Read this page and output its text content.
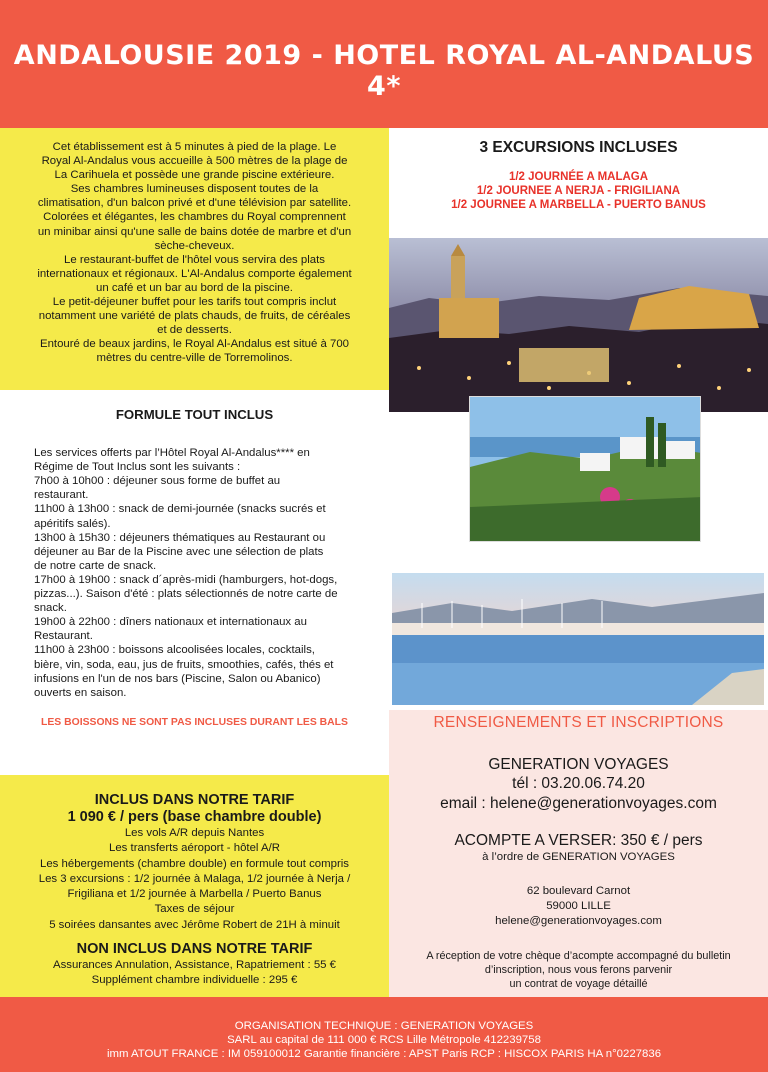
ANDALOUSIE 2019 - HOTEL ROYAL AL-ANDALUS 4*
Cet établissement est à 5 minutes à pied de la plage. Le
Royal Al-Andalus vous accueille à 500 mètres de la plage de
La Carihuela et possède une grande piscine extérieure.
Ses chambres lumineuses disposent toutes de la
climatisation, d'un balcon privé et d'une télévision par satellite.
Colorées et élégantes, les chambres du Royal comprennent
un minibar ainsi qu'une salle de bains dotée de marbre et d'un
sèche-cheveux.
Le restaurant-buffet de l'hôtel vous servira des plats
internationaux et régionaux. L'Al-Andalus comporte également
un café et un bar au bord de la piscine.
Le petit-déjeuner buffet pour les tarifs tout compris inclut
notamment une variété de plats chauds, de fruits, de céréales
et de desserts.
Entouré de beaux jardins, le Royal Al-Andalus est situé à 700
mètres du centre-ville de Torremolinos.
3 EXCURSIONS INCLUSES
1/2 JOURNÉE A MALAGA
1/2 JOURNEE A NERJA - FRIGILIANA
1/2 JOURNEE A MARBELLA - PUERTO BANUS
FORMULE TOUT INCLUS
Les services offerts par l’Hôtel Royal Al-Andalus**** en
Régime de Tout Inclus sont les suivants :
7h00 à 10h00 : déjeuner sous forme de buffet au
restaurant.
11h00 à 13h00 : snack de demi-journée (snacks sucrés et
apéritifs salés).
13h00 à 15h30 : déjeuners thématiques au Restaurant ou
déjeuner au Bar de la Piscine avec une sélection de plats
de notre carte de snack.
17h00 à 19h00 : snack d´après-midi (hamburgers, hot-dogs,
pizzas...). Saison d'été : plats sélectionnés de notre carte de
snack.
19h00 à 22h00 : dîners nationaux et internationaux au
Restaurant.
11h00 à 23h00 : boissons alcoolisées locales, cocktails,
bière, vin, soda, eau, jus de fruits, smoothies, cafés, thés et
infusions en l'un de nos bars (Piscine, Salon ou Abanico)
ouverts en saison.
LES BOISSONS NE SONT PAS INCLUSES DURANT LES BALS
INCLUS DANS NOTRE TARIF
1 090 € / pers (base chambre double)
Les vols A/R depuis Nantes
Les transferts aéroport - hôtel A/R
Les hébergements (chambre double) en formule tout compris
Les 3 excursions : 1/2 journée à Malaga, 1/2 journée à Nerja /
Frigiliana et 1/2 journée à Marbella / Puerto Banus
Taxes de séjour
5 soirées dansantes avec Jérôme Robert de 21H à minuit
NON INCLUS DANS NOTRE TARIF
Assurances Annulation, Assistance, Rapatriement : 55 €
Supplément chambre individuelle : 295 €
RENSEIGNEMENTS ET INSCRIPTIONS
GENERATION VOYAGES
tél : 03.20.06.74.20
email : helene@generationvoyages.com
ACOMPTE A VERSER: 350 € / pers
à l’ordre de GENERATION VOYAGES
62 boulevard Carnot
59000 LILLE
helene@generationvoyages.com
A réception de votre chèque d’acompte accompagné du bulletin
d’inscription, nous vous ferons parvenir
un contrat de voyage détaillé
ORGANISATION TECHNIQUE : GENERATION VOYAGES
SARL au capital de 111 000 € RCS Lille Métropole 412239758
imm ATOUT FRANCE : IM 059100012 Garantie financière : APST Paris RCP : HISCOX PARIS HA n°0227836
